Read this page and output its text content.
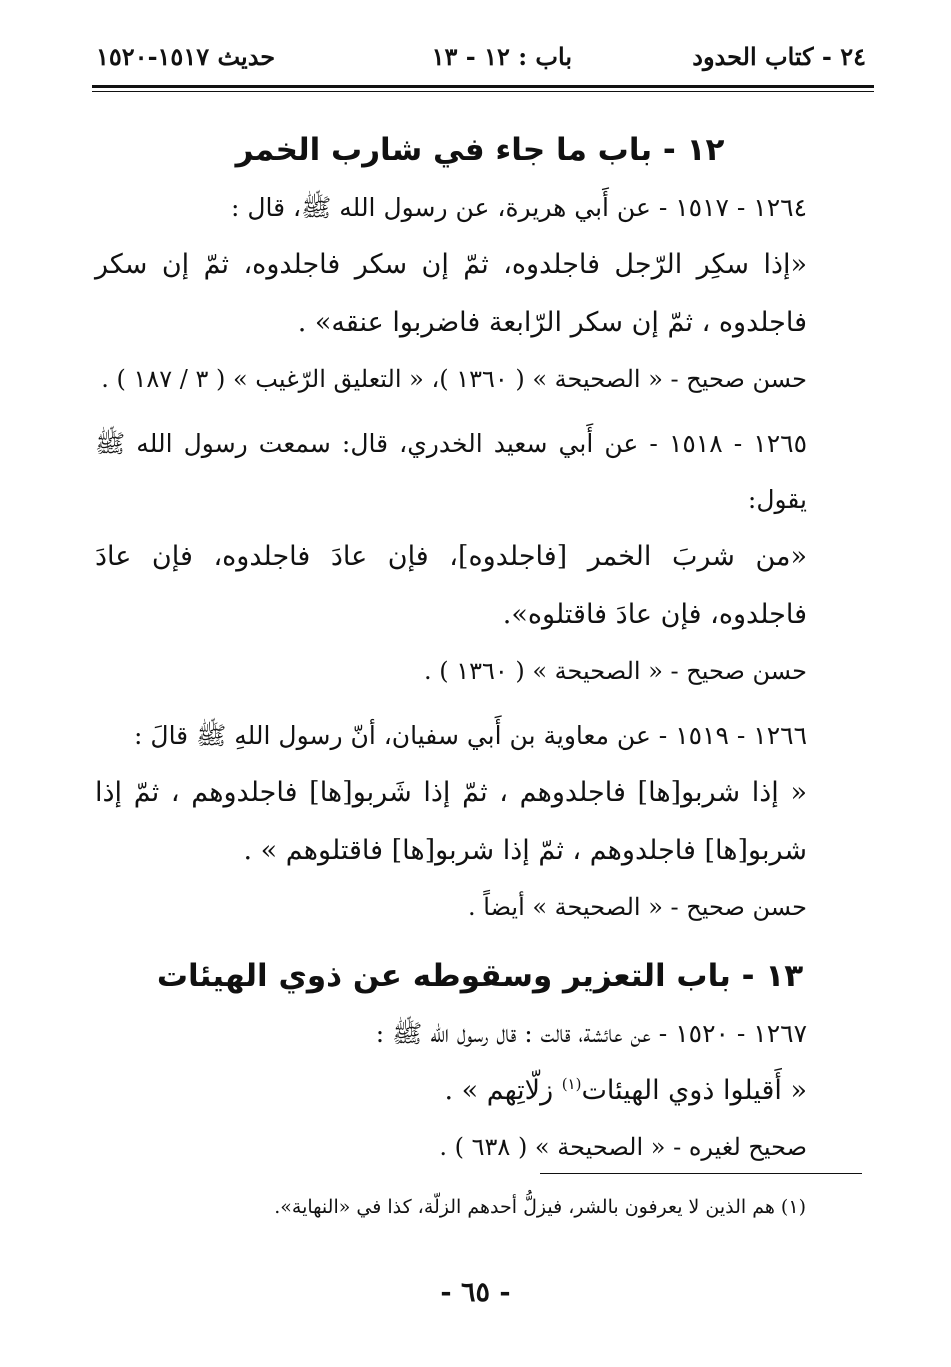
٢٤ - كتاب الحدود
باب : ١٢ - ١٣
حديث ١٥١٧-١٥٢٠
١٢ - باب ما جاء في شارب الخمر

١٢٦٤ - ١٥١٧ - عن أَبي هريرة، عن رسول الله ﷺ، قال :

«إذا سكِر الرّجل فاجلدوه، ثمّ إن سكر فاجلدوه، ثمّ إن سكر فاجلدوه ، ثمّ إن سكر الرّابعة فاضربوا عنقه» .

حسن صحيح - « الصحيحة » ( ١٣٦٠ )، « التعليق الرّغيب » ( ٣ / ١٨٧ ) .

١٢٦٥ - ١٥١٨ - عن أَبي سعيد الخدري، قال: سمعت رسول الله ﷺ يقول:

«من شربَ الخمر [فاجلدوه]، فإن عادَ فاجلدوه، فإن عادَ فاجلدوه، فإن عادَ فاقتلوه».

حسن صحيح - « الصحيحة » ( ١٣٦٠ ) .

١٢٦٦ - ١٥١٩ - عن معاوية بن أَبي سفيان، أنّ رسول اللهِ ﷺ قالَ :

« إذا شربو[ها] فاجلدوهم ، ثمّ إذا شَربو[ها] فاجلدوهم ، ثمّ إذا شربو[ها] فاجلدوهم ، ثمّ إذا شربو[ها] فاقتلوهم » .

حسن صحيح - « الصحيحة » أيضاً .

١٣ - باب التعزير وسقوطه عن ذوي الهيئات

١٢٦٧ - ١٥٢٠ - عن عائشة، قالت : قال رسول الله ﷺ :

« أَقيلوا ذوي الهيئات$^{(١)}$ زلّاتِهم » .

صحيح لغيره - « الصحيحة » ( ٦٣٨ ) .

(١) هم الذين لا يعرفون بالشر، فيزلُّ أحدهم الزلّة، كذا في «النهاية».
- ٦٥ -
